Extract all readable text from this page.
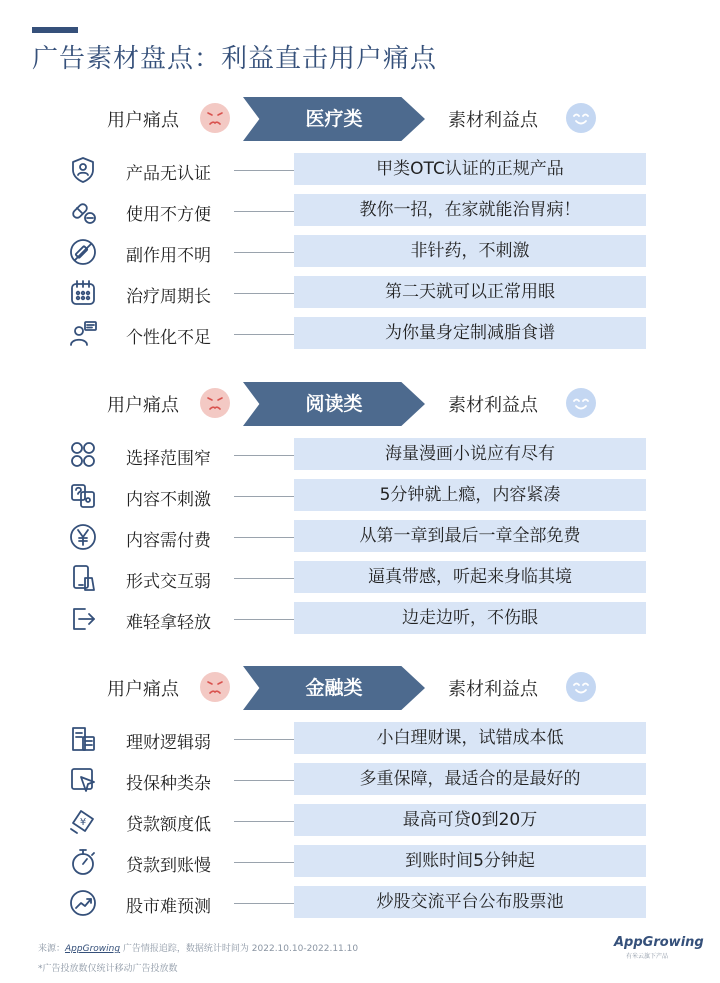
广告素材盘点：利益直击用户痛点
用户痛点	医疗类	素材利益点
产品无认证	甲类OTC认证的正规产品
使用不方便	教你一招，在家就能治胃病！
副作用不明	非针药，不刺激
治疗周期长	第二天就可以正常用眼
个性化不足	为你量身定制减脂食谱
用户痛点	阅读类	素材利益点
选择范围窄	海量漫画小说应有尽有
内容不刺激	5分钟就上瘾，内容紧凑
内容需付费	从第一章到最后一章全部免费
形式交互弱	逼真带感，听起来身临其境
难轻拿轻放	边走边听，不伤眼
用户痛点	金融类	素材利益点
理财逻辑弱	小白理财课，试错成本低
投保种类杂	多重保障，最适合的是最好的
¥ 贷款额度低	最高可贷0到20万
贷款到账慢	到账时间5分钟起
股市难预测	炒股交流平台公布股票池
来源：AppGrowing 广告情报追踪，数据统计时间为 2022.10.10-2022.11.10
*广告投放数仅统计移动广告投放数
AppGrowing
有米云旗下产品
